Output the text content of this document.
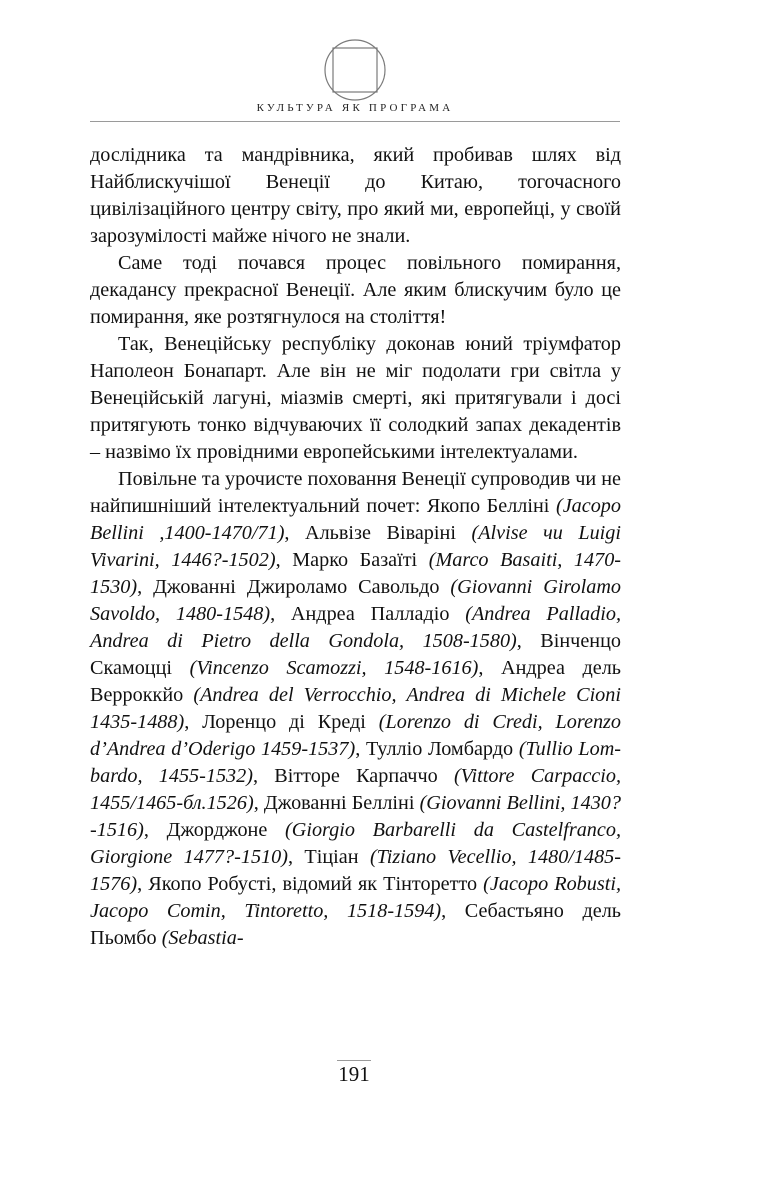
КУЛЬТУРА ЯК ПРОГРАМА

дослідника та мандрівника, який пробивав шлях від Найблискучішої Венеції до Китаю, тогочасного цивілізаційного центру світу, про який ми, европейці, у своїй зарозумілості майже нічого не знали.

Саме тоді почався процес повільного помирання, декадансу прекрасної Венеції. Але яким блискучим було це помирання, яке розтягнулося на століття!

Так, Венеційську республіку доконав юний тріумфатор Наполеон Бонапарт. Але він не міг подолати гри світла у Венеційській лагуні, міазмів смерті, які притягували і досі притягують тонко відчуваючих її солодкий запах декадентів – назвімо їх провідними европейськими інтелектуалами.

Повільне та урочисте поховання Венеції супроводив чи не найпишніший інтелектуальний почет: Якопо Белліні (Jacopo Bellini ,1400-1470/71), Альвізе Віваріні (Alvise чи Luigi Vivarini, 1446?-1502), Марко Базаїті (Marco Basaiti, 1470-1530), Джованні Джироламо Савольдо (Giovanni Girolamo Savoldo, 1480-1548), Андреа Палладіо (Andrea Palladio, Andrea di Pietro della Gondola, 1508-1580), Вінченцо Скамоцці (Vincenzo Scamozzi, 1548-1616), Андреа дель Верроккйо (Andrea del Verrocchio, Andrea di Michele Cioni 1435-1488), Лоренцо ді Креді (Lorenzo di Credi, Lorenzo d’Andrea d’Oderigo 1459-1537), Тулліо Ломбардо (Tullio Lombardo, 1455-1532), Вітторе Карпаччо (Vittore Carpaccio, 1455/1465-бл.1526), Джованні Белліні (Giovanni Bellini, 1430?-1516), Джорджоне (Giorgio Barbarelli da Castelfranco, Giorgione 1477?-1510), Тіціан (Tiziano Vecellio, 1480/1485-1576), Якопо Робусті, відомий як Тінторетто (Jacopo Robusti, Jacopo Comin, Tintoretto, 1518-1594), Себастьяно дель Пьомбо (Sebastia-

191
